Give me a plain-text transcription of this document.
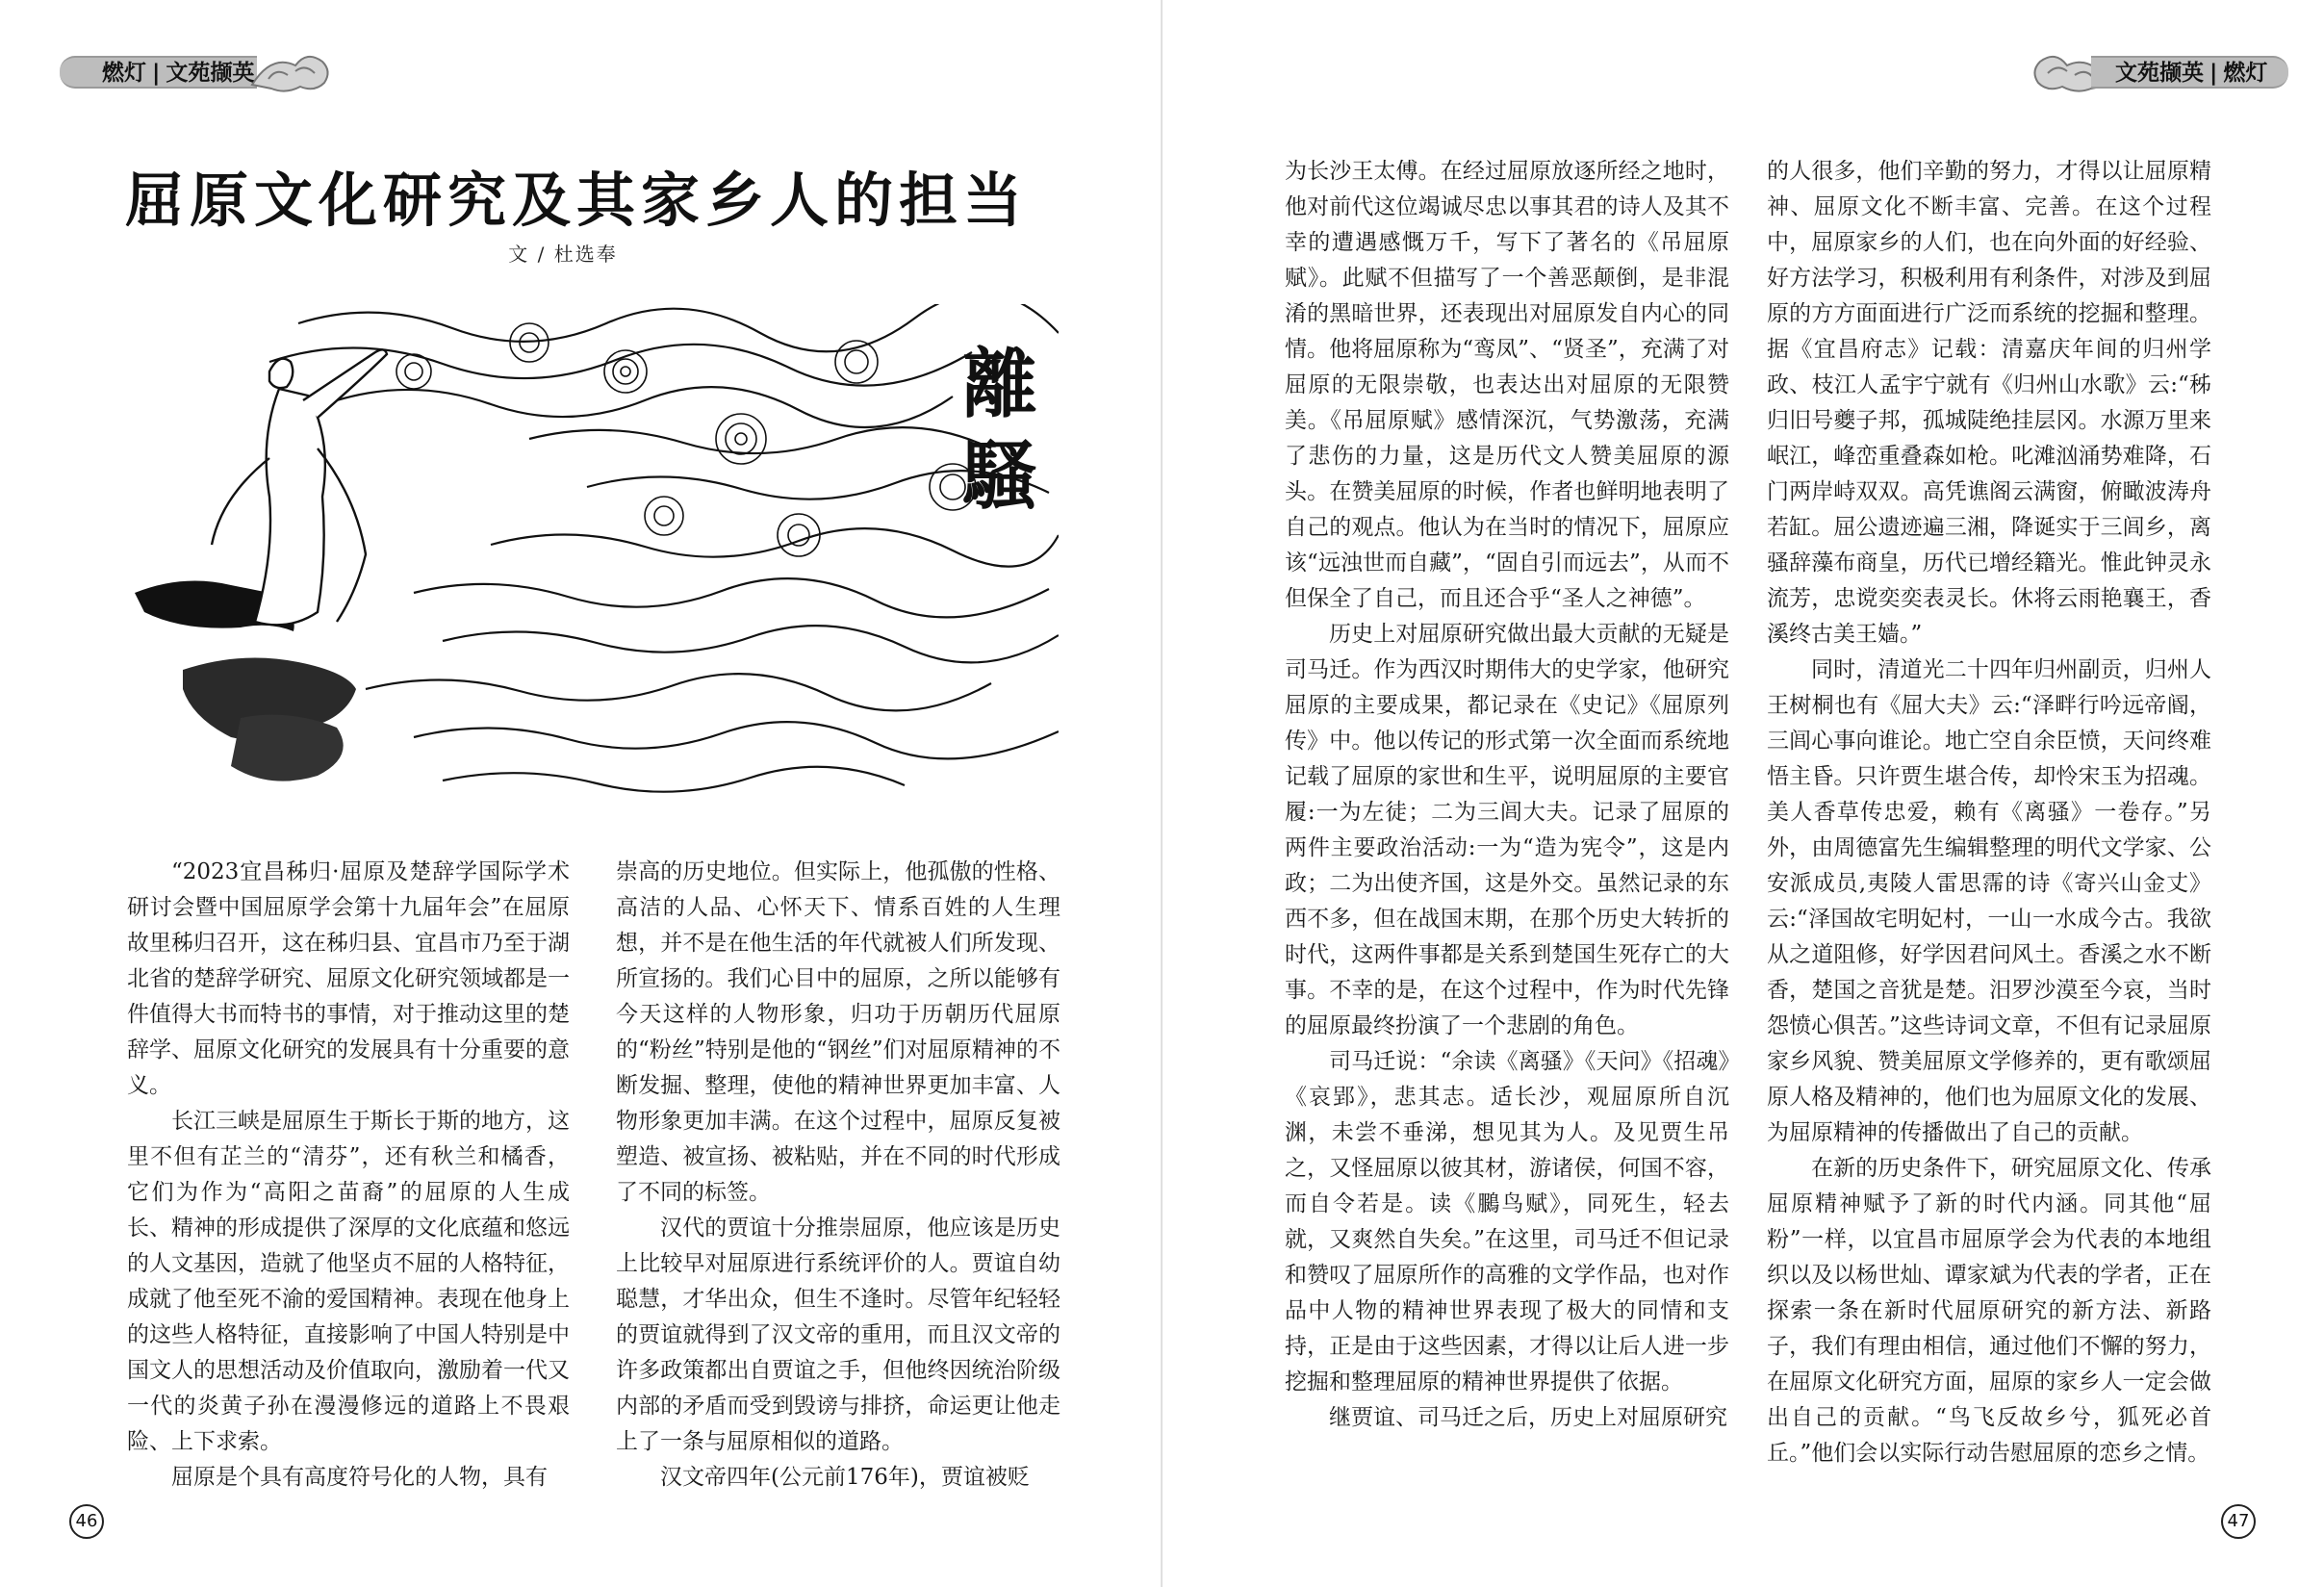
燃灯 | 文苑撷英
屈原文化研究及其家乡人的担当
文 / 杜选奉
離
騷

“2023宜昌秭归·屈原及楚辞学国际学术研讨会暨中国屈原学会第十九届年会”在屈原故里秭归召开，这在秭归县、宜昌市乃至于湖北省的楚辞学研究、屈原文化研究领域都是一件值得大书而特书的事情，对于推动这里的楚辞学、屈原文化研究的发展具有十分重要的意义。

长江三峡是屈原生于斯长于斯的地方，这里不但有芷兰的“清芬”，还有秋兰和橘香，它们为作为“高阳之苗裔”的屈原的人生成长、精神的形成提供了深厚的文化底蕴和悠远的人文基因，造就了他坚贞不屈的人格特征，成就了他至死不渝的爱国精神。表现在他身上的这些人格特征，直接影响了中国人特别是中国文人的思想活动及价值取向，激励着一代又一代的炎黄子孙在漫漫修远的道路上不畏艰险、上下求索。

屈原是个具有高度符号化的人物，具有

崇高的历史地位。但实际上，他孤傲的性格、高洁的人品、心怀天下、情系百姓的人生理想，并不是在他生活的年代就被人们所发现、所宣扬的。我们心目中的屈原，之所以能够有今天这样的人物形象，归功于历朝历代屈原的“粉丝”特别是他的“钢丝”们对屈原精神的不断发掘、整理，使他的精神世界更加丰富、人物形象更加丰满。在这个过程中，屈原反复被塑造、被宣扬、被粘贴，并在不同的时代形成了不同的标签。

汉代的贾谊十分推崇屈原，他应该是历史上比较早对屈原进行系统评价的人。贾谊自幼聪慧，才华出众，但生不逢时。尽管年纪轻轻的贾谊就得到了汉文帝的重用，而且汉文帝的许多政策都出自贾谊之手，但他终因统治阶级内部的矛盾而受到毁谤与排挤，命运更让他走上了一条与屈原相似的道路。

汉文帝四年(公元前176年)，贾谊被贬

46
文苑撷英 | 燃灯

为长沙王太傅。在经过屈原放逐所经之地时，他对前代这位竭诚尽忠以事其君的诗人及其不幸的遭遇感慨万千，写下了著名的《吊屈原赋》。此赋不但描写了一个善恶颠倒，是非混淆的黑暗世界，还表现出对屈原发自内心的同情。他将屈原称为“鸾凤”、“贤圣”，充满了对屈原的无限崇敬，也表达出对屈原的无限赞美。《吊屈原赋》感情深沉，气势激荡，充满了悲伤的力量，这是历代文人赞美屈原的源头。在赞美屈原的时候，作者也鲜明地表明了自己的观点。他认为在当时的情况下，屈原应该“远浊世而自藏”，“固自引而远去”，从而不但保全了自己，而且还合乎“圣人之神德”。

历史上对屈原研究做出最大贡献的无疑是司马迁。作为西汉时期伟大的史学家，他研究屈原的主要成果，都记录在《史记》《屈原列传》中。他以传记的形式第一次全面而系统地记载了屈原的家世和生平，说明屈原的主要官履:一为左徒；二为三闾大夫。记录了屈原的两件主要政治活动:一为“造为宪令”，这是内政；二为出使齐国，这是外交。虽然记录的东西不多，但在战国末期，在那个历史大转折的时代，这两件事都是关系到楚国生死存亡的大事。不幸的是，在这个过程中，作为时代先锋的屈原最终扮演了一个悲剧的角色。

司马迁说：“余读《离骚》《天问》《招魂》《哀郢》，悲其志。适长沙，观屈原所自沉渊，未尝不垂涕，想见其为人。及见贾生吊之，又怪屈原以彼其材，游诸侯，何国不容，而自令若是。读《鵩鸟赋》，同死生，轻去就，又爽然自失矣。”在这里，司马迁不但记录和赞叹了屈原所作的高雅的文学作品，也对作品中人物的精神世界表现了极大的同情和支持，正是由于这些因素，才得以让后人进一步挖掘和整理屈原的精神世界提供了依据。

继贾谊、司马迁之后，历史上对屈原研究

的人很多，他们辛勤的努力，才得以让屈原精神、屈原文化不断丰富、完善。在这个过程中，屈原家乡的人们，也在向外面的好经验、好方法学习，积极利用有利条件，对涉及到屈原的方方面面进行广泛而系统的挖掘和整理。据《宜昌府志》记载：清嘉庆年间的归州学政、枝江人孟宇宁就有《归州山水歌》云:“秭归旧号夔子邦，孤城陡绝挂层冈。水源万里来岷江，峰峦重叠森如枪。叱滩汹涌势难降，石门两岸峙双双。高凭谯阁云满窗，俯瞰波涛舟若缸。屈公遗迹遍三湘，降诞实于三闾乡，离骚辞藻布商皇，历代已增经籍光。惟此钟灵永流芳，忠谠奕奕表灵长。休将云雨艳襄王，香溪终古美王嫱。”

同时，清道光二十四年归州副贡，归州人王树桐也有《屈大夫》云:“泽畔行吟远帝阍，三闾心事向谁论。地亡空自余臣愤，天问终难悟主昏。只许贾生堪合传，却怜宋玉为招魂。美人香草传忠爱，赖有《离骚》一卷存。”另外，由周德富先生编辑整理的明代文学家、公安派成员,夷陵人雷思霈的诗《寄兴山金丈》云:“泽国故宅明妃村，一山一水成今古。我欲从之道阻修，好学因君问风土。香溪之水不断香，楚国之音犹是楚。汨罗沙漠至今哀，当时怨愤心俱苦。”这些诗词文章，不但有记录屈原家乡风貌、赞美屈原文学修养的，更有歌颂屈原人格及精神的，他们也为屈原文化的发展、为屈原精神的传播做出了自己的贡献。

在新的历史条件下，研究屈原文化、传承屈原精神赋予了新的时代内涵。同其他“屈粉”一样，以宜昌市屈原学会为代表的本地组织以及以杨世灿、谭家斌为代表的学者，正在探索一条在新时代屈原研究的新方法、新路子，我们有理由相信，通过他们不懈的努力，在屈原文化研究方面，屈原的家乡人一定会做出自己的贡献。“鸟飞反故乡兮，狐死必首丘。”他们会以实际行动告慰屈原的恋乡之情。

47
